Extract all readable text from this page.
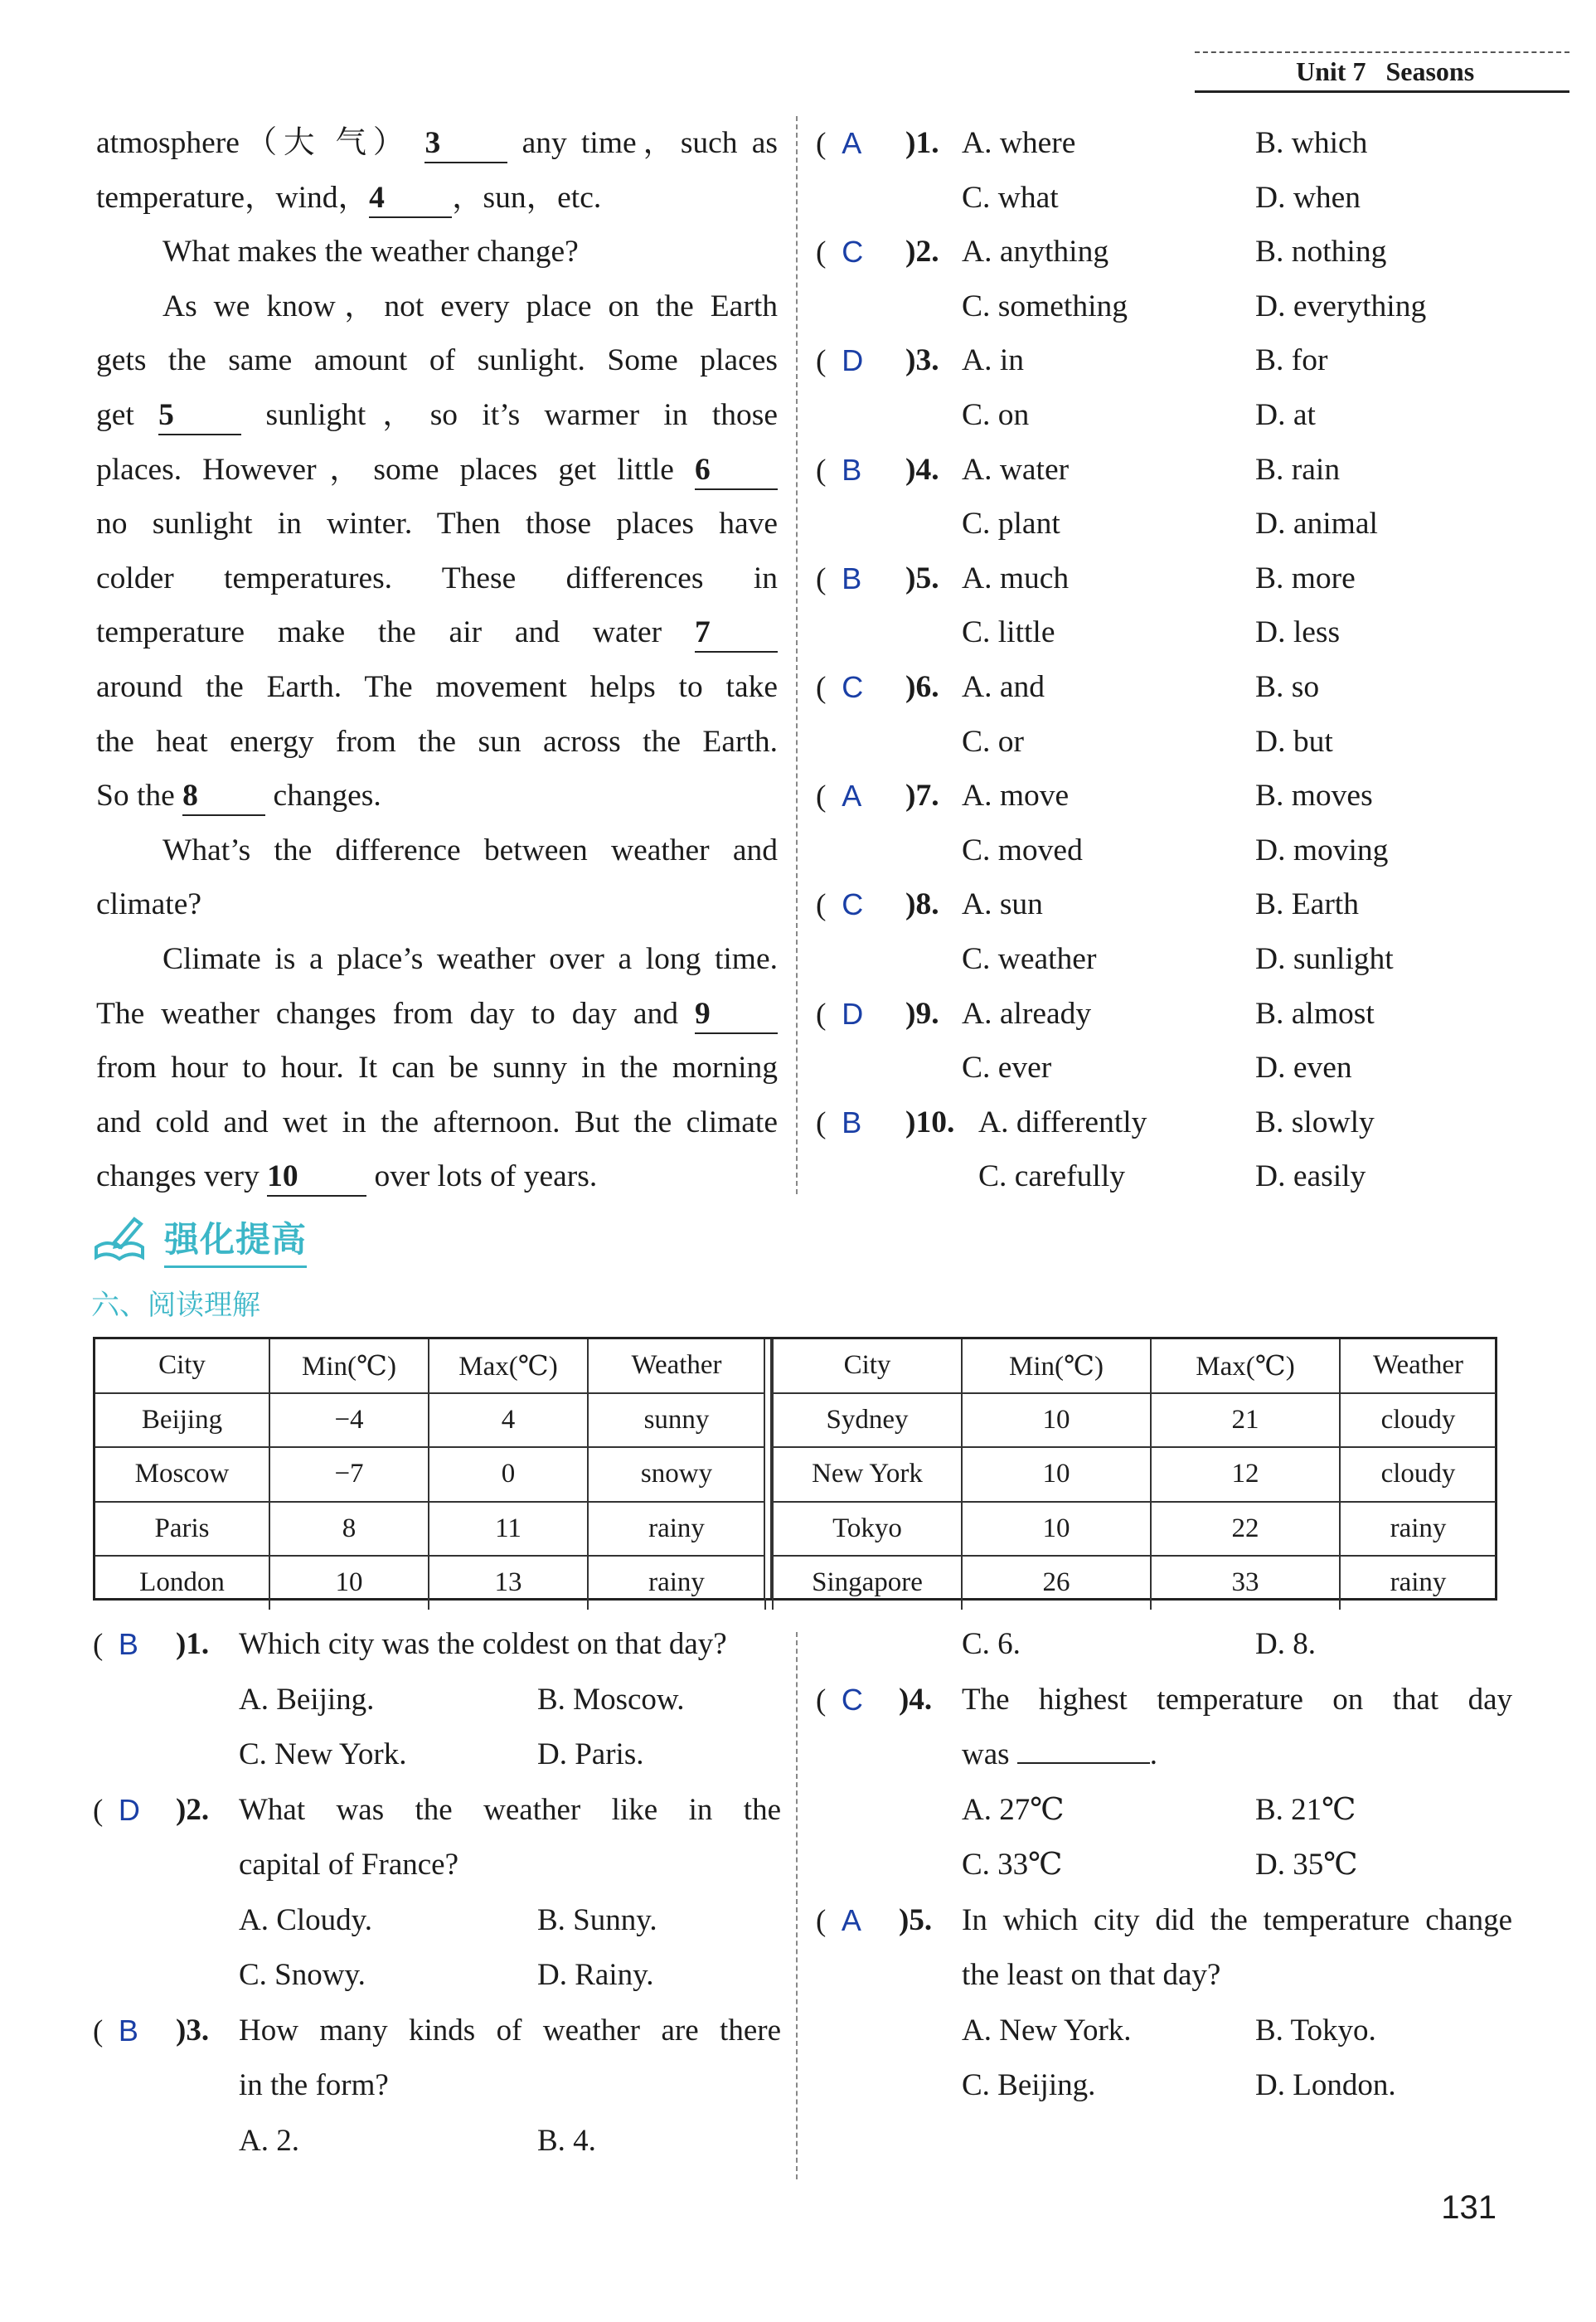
Unit 7 Seasons

atmosphere（大 气） 3	any time，such as

temperature，wind，4 ，sun，etc.

What makes the weather change?

As we know，not every place on the Earth

gets the same amount of sunlight. Some places

get 5	sunlight，so it’s warmer in those

places. However，some places get little 6

no sunlight in winter. Then those places have

colder temperatures. These differences in

temperature make the air and water 7

around the Earth. The movement helps to take

the heat energy from the sun across the Earth.

So the 8 changes.

What’s the difference between weather and

climate?

Climate is a place’s weather over a long time.

The weather changes from day to day and 9

from hour to hour. It can be sunny in the morning

and cold and wet in the afternoon. But the climate

changes very 10 over lots of years.

(  A	)1. A. where	B. which
C. what	D. when
(  C	)2. A. anything	B. nothing
C. something	D. everything
(  D	)3. A. in	B. for
C. on	D. at
(  B	)4. A. water	B. rain
C. plant	D. animal
(  B	)5. A. much	B. more
C. little	D. less
(  C	)6. A. and	B. so
C. or	D. but
(  A	)7. A. move	B. moves
C. moved	D. moving
(  C	)8. A. sun	B. Earth
C. weather	D. sunlight
(  D	)9. A. already	B. almost
C. ever	D. even
(  B	)10. A. differently	B. slowly
C. carefully	D. easily
强化提高
六、阅读理解
City	Min(℃)	Max(℃)	Weather
Beijing	−4	4	sunny
Moscow	−7	0	snowy
Paris	8	11	rainy
London	10	13	rainy
City	Min(℃)	Max(℃)	Weather
Sydney	10	21	cloudy
New York	10	12	cloudy
Tokyo	10	22	rainy
Singapore	26	33	rainy
(  B	)1. Which city was the coldest on that day?
A. Beijing.	B. Moscow.
C. New York.	D. Paris.
(  D	)2. What was the weather like in the
capital of France?
A. Cloudy.	B. Sunny.
C. Snowy.	D. Rainy.
(  B	)3. How many kinds of weather are there
in the form?
A. 2.	B. 4.
C. 6.	D. 8.
(  C	)4. The highest temperature on that day
was	.
A. 27℃	B. 21℃
C. 33℃	D. 35℃
(  A	)5. In which city did the temperature change
the least on that day?
A. New York.	B. Tokyo.
C. Beijing.	D. London.
131
